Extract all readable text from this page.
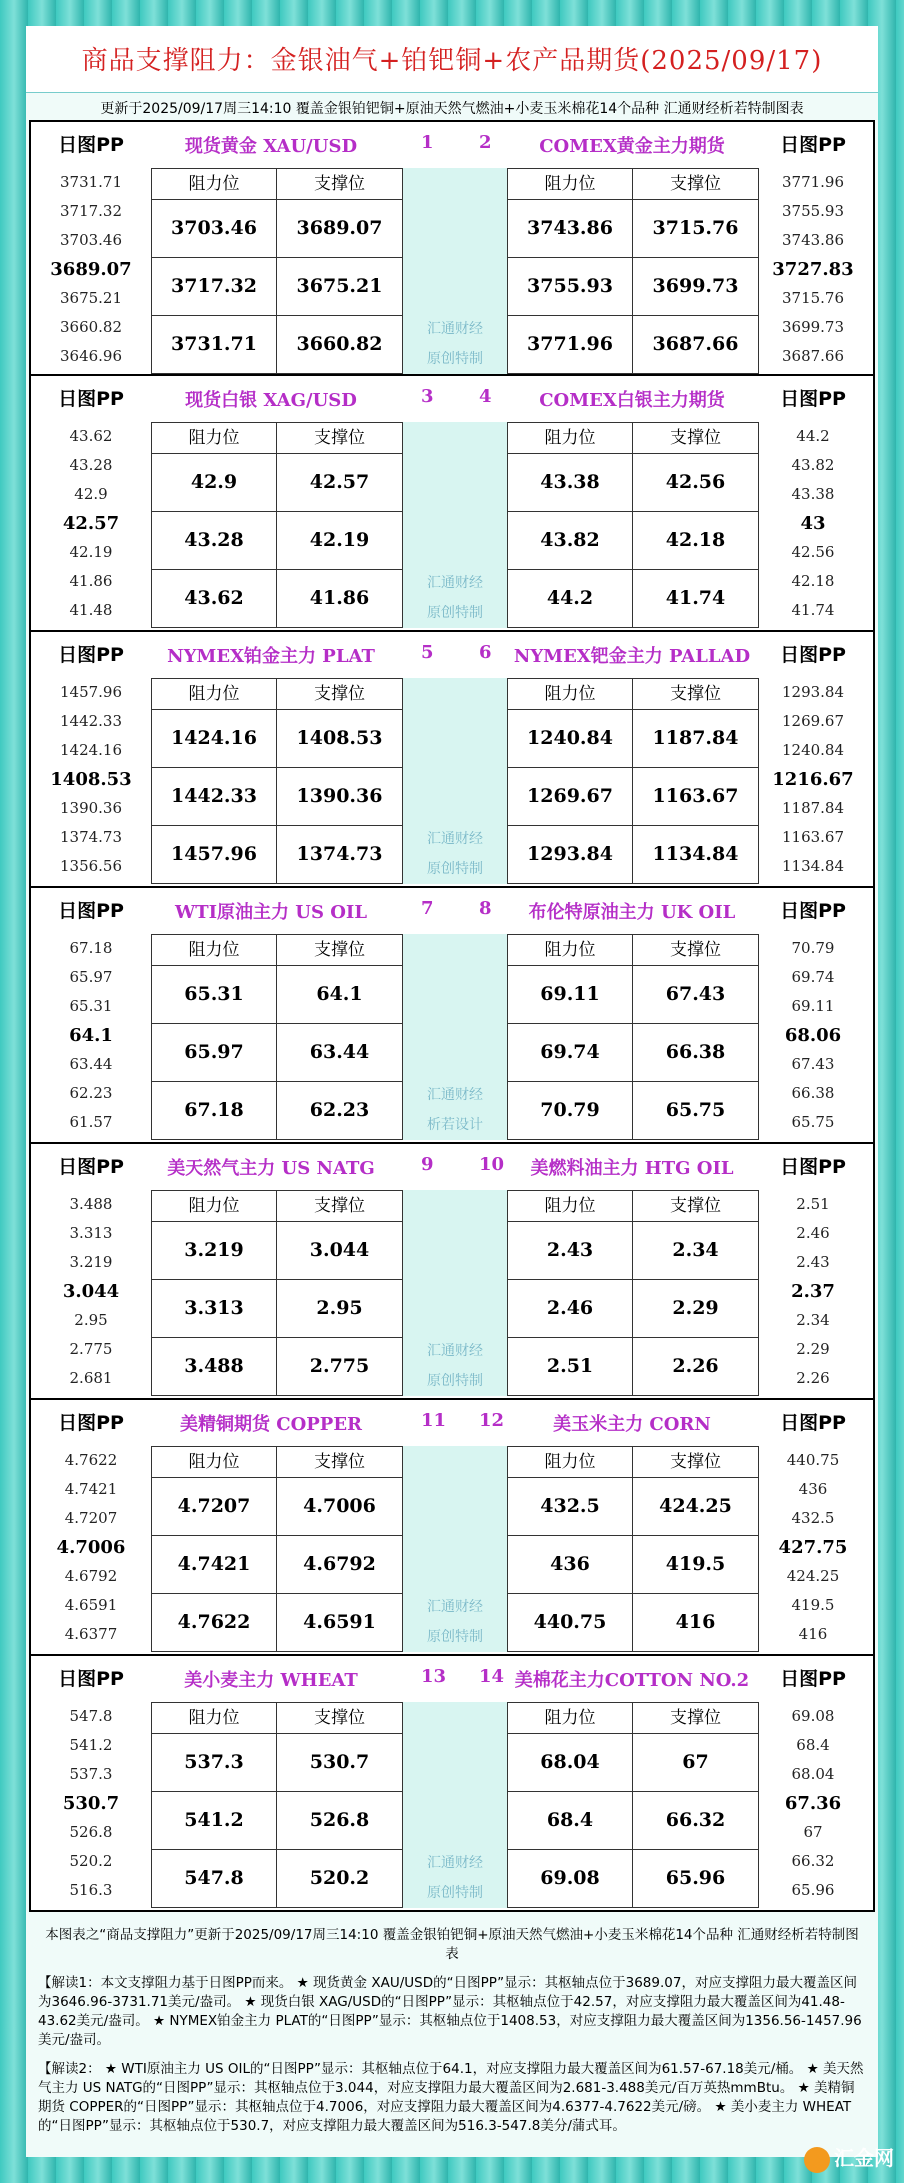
商品支撑阻力：金银油气+铂钯铜+农产品期货(2025/09/17)
更新于2025/09/17周三14:10 覆盖金银铂钯铜+原油天然气燃油+小麦玉米棉花14个品种 汇通财经析若特制图表
日图PP
3731.71
3717.32
3703.46
3689.07
3675.21
3660.82
3646.96
现货黄金 XAU/USD	1
阻力位	支撑位
3703.46	3689.07
3717.32	3675.21
3731.71	3660.82
日图PP
3771.96
3755.93
3743.86
3727.83
3715.76
3699.73
3687.66
COMEX黄金主力期货
2
阻力位	支撑位
3743.86	3715.76
3755.93	3699.73
3771.96	3687.66
汇通财经
原创特制
日图PP
43.62
43.28
42.9
42.57
42.19
41.86
41.48
现货白银 XAG/USD	3
阻力位	支撑位
42.9	42.57
43.28	42.19
43.62	41.86
日图PP
44.2
43.82
43.38
43
42.56
42.18
41.74
COMEX白银主力期货
4
阻力位	支撑位
43.38	42.56
43.82	42.18
44.2	41.74
汇通财经
原创特制
日图PP
1457.96
1442.33
1424.16
1408.53
1390.36
1374.73
1356.56
NYMEX铂金主力 PLAT	5
阻力位	支撑位
1424.16	1408.53
1442.33	1390.36
1457.96	1374.73
日图PP
1293.84
1269.67
1240.84
1216.67
1187.84
1163.67
1134.84
NYMEX钯金主力 PALLAD
6
阻力位	支撑位
1240.84	1187.84
1269.67	1163.67
1293.84	1134.84
汇通财经
原创特制
日图PP
67.18
65.97
65.31
64.1
63.44
62.23
61.57
WTI原油主力 US OIL	7
阻力位	支撑位
65.31	64.1
65.97	63.44
67.18	62.23
日图PP
70.79
69.74
69.11
68.06
67.43
66.38
65.75
布伦特原油主力 UK OIL
8
阻力位	支撑位
69.11	67.43
69.74	66.38
70.79	65.75
汇通财经
析若设计
日图PP
3.488
3.313
3.219
3.044
2.95
2.775
2.681
美天然气主力 US NATG	9
阻力位	支撑位
3.219	3.044
3.313	2.95
3.488	2.775
日图PP
2.51
2.46
2.43
2.37
2.34
2.29
2.26
美燃料油主力 HTG OIL
10
阻力位	支撑位
2.43	2.34
2.46	2.29
2.51	2.26
汇通财经
原创特制
日图PP
4.7622
4.7421
4.7207
4.7006
4.6792
4.6591
4.6377
美精铜期货 COPPER	11
阻力位	支撑位
4.7207	4.7006
4.7421	4.6792
4.7622	4.6591
日图PP
440.75
436
432.5
427.75
424.25
419.5
416
美玉米主力 CORN
12
阻力位	支撑位
432.5	424.25
436	419.5
440.75	416
汇通财经
原创特制
日图PP
547.8
541.2
537.3
530.7
526.8
520.2
516.3
美小麦主力 WHEAT	13
阻力位	支撑位
537.3	530.7
541.2	526.8
547.8	520.2
日图PP
69.08
68.4
68.04
67.36
67
66.32
65.96
美棉花主力COTTON NO.2
14
阻力位	支撑位
68.04	67
68.4	66.32
69.08	65.96
汇通财经
原创特制
本图表之“商品支撑阻力”更新于2025/09/17周三14:10 覆盖金银铂钯铜+原油天然气燃油+小麦玉米棉花14个品种 汇通财经析若特制图表
【解读1：本文支撑阻力基于日图PP而来。 ★ 现货黄金 XAU/USD的“日图PP”显示：其枢轴点位于3689.07，对应支撑阻力最大覆盖区间为3646.96-3731.71美元/盎司。 ★ 现货白银 XAG/USD的“日图PP”显示：其枢轴点位于42.57，对应支撑阻力最大覆盖区间为41.48-43.62美元/盎司。 ★ NYMEX铂金主力 PLAT的“日图PP”显示：其枢轴点位于1408.53，对应支撑阻力最大覆盖区间为1356.56-1457.96美元/盎司。
【解读2： ★ WTI原油主力 US OIL的“日图PP”显示：其枢轴点位于64.1，对应支撑阻力最大覆盖区间为61.57-67.18美元/桶。 ★ 美天然气主力 US NATG的“日图PP”显示：其枢轴点位于3.044，对应支撑阻力最大覆盖区间为2.681-3.488美元/百万英热mmBtu。 ★ 美精铜期货 COPPER的“日图PP”显示：其枢轴点位于4.7006，对应支撑阻力最大覆盖区间为4.6377-4.7622美元/磅。 ★ 美小麦主力 WHEAT的“日图PP”显示：其枢轴点位于530.7，对应支撑阻力最大覆盖区间为516.3-547.8美分/蒲式耳。
汇金网
